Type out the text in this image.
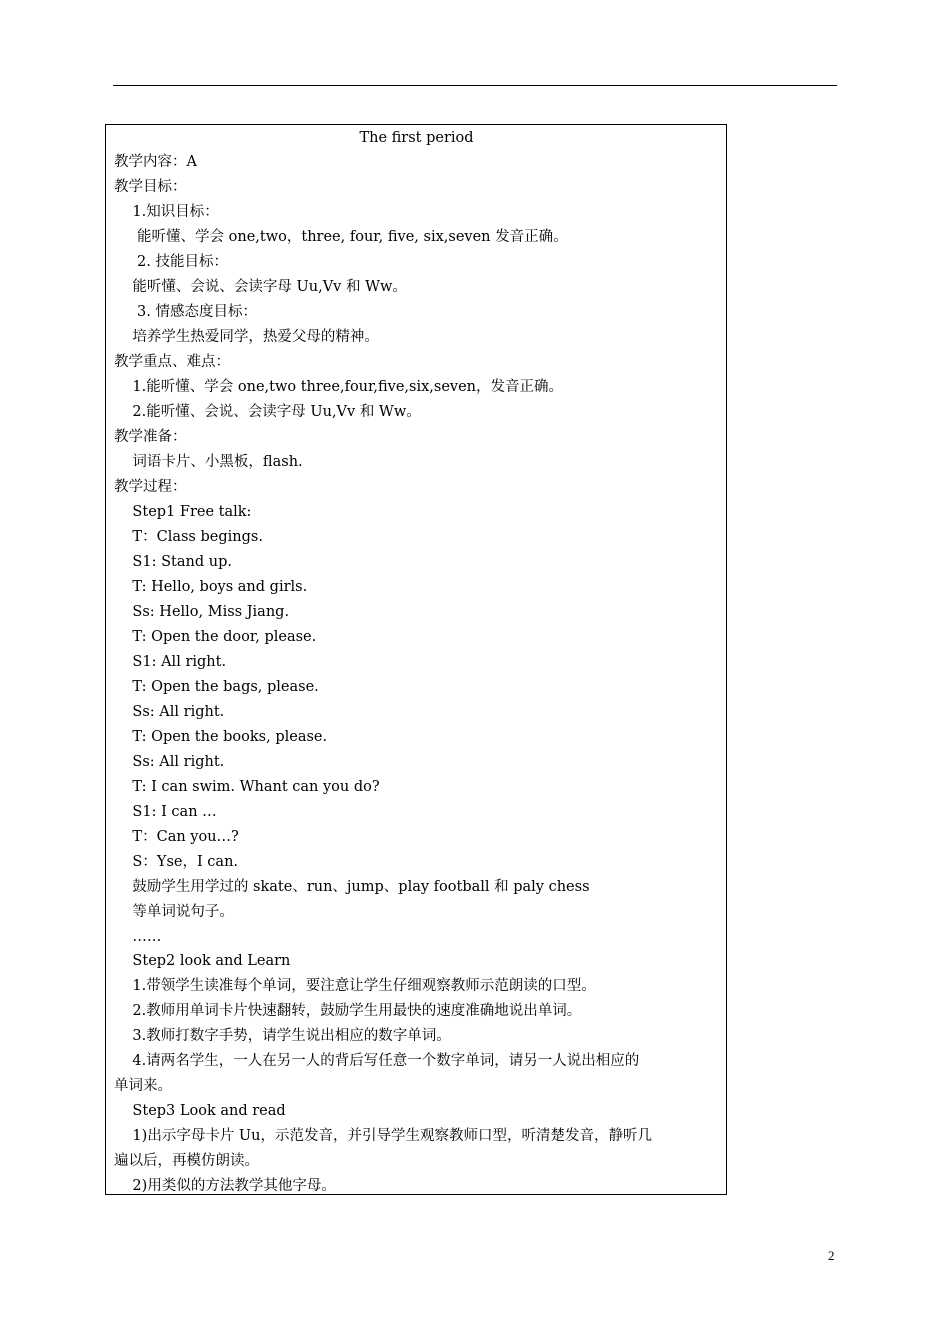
The first period
教学内容：A
教学目标：
1.知识目标：
能听懂、学会 one,two，three, four, five, six,seven 发音正确。
2. 技能目标：
能听懂、会说、会读字母 Uu,Vv 和 Ww。
3. 情感态度目标：
培养学生热爱同学，热爱父母的精神。
教学重点、难点：
1.能听懂、学会 one,two three,four,five,six,seven，发音正确。
2.能听懂、会说、会读字母 Uu,Vv 和 Ww。
教学准备：
词语卡片、小黑板，flash.
教学过程：
Step1 Free talk:
T：Class begings.
S1: Stand up.
T: Hello, boys and girls.
Ss: Hello, Miss Jiang.
T: Open the door, please.
S1: All right.
T: Open the bags, please.
Ss: All right.
T: Open the books, please.
Ss: All right.
T: I can swim. Whant can you do?
S1: I can …
T：Can you…?
S：Yse，I can.
鼓励学生用学过的 skate、run、jump、play football 和 paly chess
等单词说句子。
……
Step2 look and Learn
1.带领学生读准每个单词，要注意让学生仔细观察教师示范朗读的口型。
2.教师用单词卡片快速翻转，鼓励学生用最快的速度准确地说出单词。
3.教师打数字手势，请学生说出相应的数字单词。
4.请两名学生，一人在另一人的背后写任意一个数字单词，请另一人说出相应的
单词来。
Step3 Look and read
1)出示字母卡片 Uu，示范发音，并引导学生观察教师口型，听清楚发音，静听几
遍以后，再模仿朗读。
2)用类似的方法教学其他字母。
2
